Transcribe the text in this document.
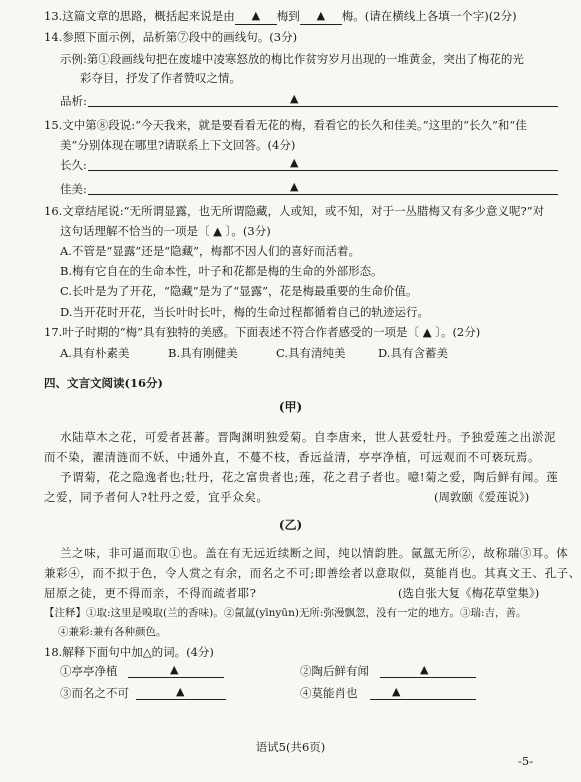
13.这篇文章的思路，概括起来说是由 ▲ 梅到 ▲ 梅。(请在横线上各填一个字)(2分)
14.参照下面示例，品析第⑦段中的画线句。(3分)
示例:第①段画线句把在废墟中凌寒怒放的梅比作贫穷岁月出现的一堆黄金，突出了梅花的光
彩夺目，抒发了作者赞叹之情。
品析:	▲
15.文中第⑧段说:“今天我来，就是要看看无花的梅，看看它的长久和佳美。”这里的“长久”和“佳
美”分别体现在哪里?请联系上下文回答。(4分)
长久:	▲
佳美:	▲
16.文章结尾说:“无所谓显露，也无所谓隐藏，人或知，或不知，对于一丛腊梅又有多少意义呢?”对
这句话理解不恰当的一项是〔 ▲ 〕。(3分)
A.不管是“显露”还是“隐藏”，梅都不因人们的喜好而活着。
B.梅有它自在的生命本性，叶子和花都是梅的生命的外部形态。
C.长叶是为了开花，“隐藏”是为了“显露”，花是梅最重要的生命价值。
D.当开花时开花，当长叶时长叶，梅的生命过程都循着自己的轨迹运行。
17.叶子时期的“梅”具有独特的美感。下面表述不符合作者感受的一项是〔 ▲ 〕。(2分)
A.具有朴素美	B.具有刚健美	C.具有清纯美	D.具有含蓄美
四、文言文阅读(16分)
(甲)
水陆草木之花，可爱者甚蕃。晋陶渊明独爱菊。自李唐来，世人甚爱牡丹。予独爱莲之出淤泥
而不染，濯清涟而不妖，中通外直，不蔓不枝，香远益清，亭亭净植，可远观而不可亵玩焉。
予谓菊，花之隐逸者也;牡丹，花之富贵者也;莲，花之君子者也。噫!菊之爱，陶后鲜有闻。莲
之爱，同予者何人?牡丹之爱，宜乎众矣。	(周敦颐《爱莲说》)
(乙)
兰之味，非可逼而取①也。盖在有无远近续断之间，纯以情韵胜。氤氲无所②，故称瑞③耳。体
兼彩④，而不拟于色，令人赏之有余，而名之不可;即善绘者以意取似，莫能肖也。其真文王、孔子、
屈原之徒，更不得而亲，不得而疏者耶?	(选自张大复《梅花草堂集》)
【注释】①取:这里是嗅取(兰的香味)。②氤氲(yīnyūn)无所:弥漫飘忽，没有一定的地方。③瑞:吉，善。
④兼彩:兼有各种颜色。
18.解释下面句中加△的词。(4分)
①亭亭净植	▲	②陶后鲜有闻	▲
③而名之不可	▲	④莫能肖也	▲
语试5(共6页)
-5-
